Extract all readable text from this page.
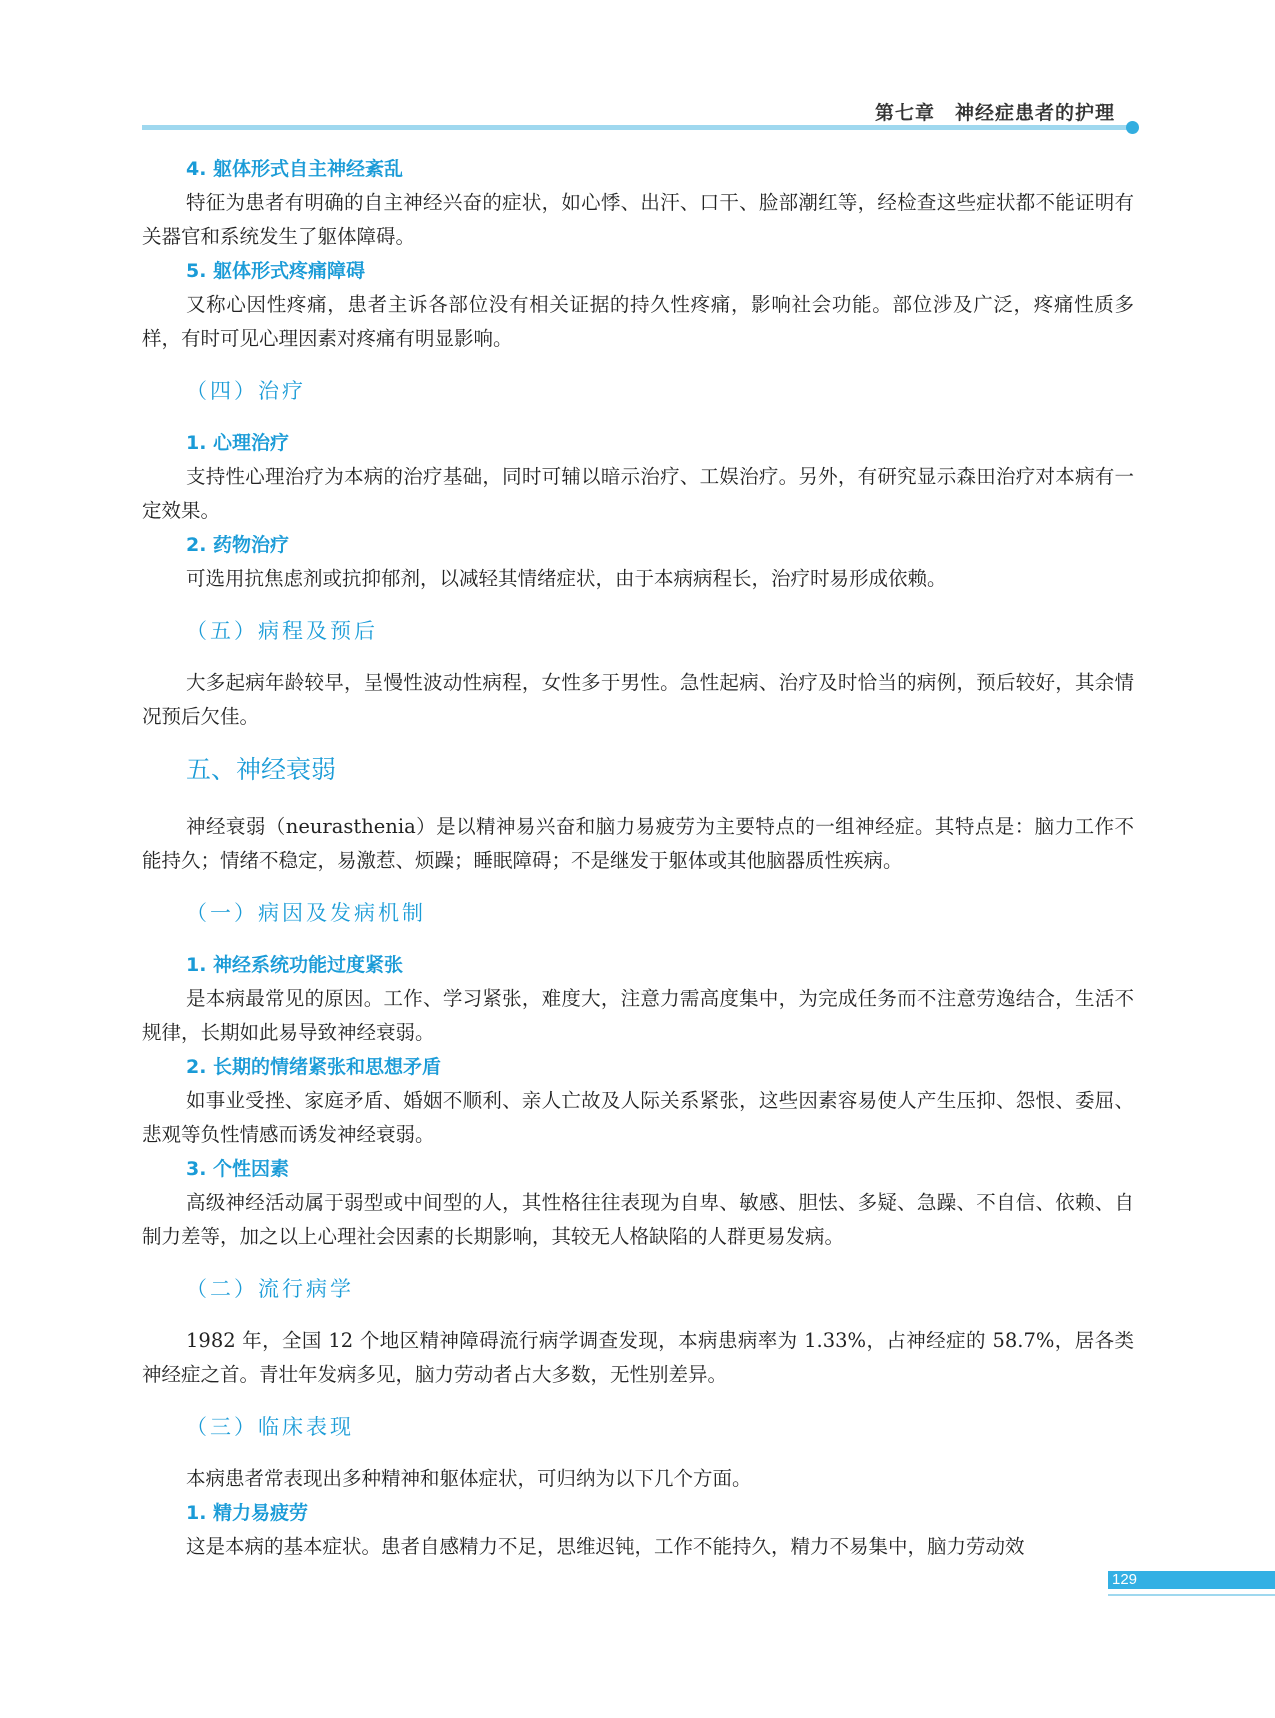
第七章　神经症患者的护理
4. 躯体形式自主神经紊乱

特征为患者有明确的自主神经兴奋的症状，如心悸、出汗、口干、脸部潮红等，经检查这些症状都不能证明有关器官和系统发生了躯体障碍。

5. 躯体形式疼痛障碍

又称心因性疼痛，患者主诉各部位没有相关证据的持久性疼痛，影响社会功能。部位涉及广泛，疼痛性质多样，有时可见心理因素对疼痛有明显影响。

（四）治疗
1. 心理治疗

支持性心理治疗为本病的治疗基础，同时可辅以暗示治疗、工娱治疗。另外，有研究显示森田治疗对本病有一定效果。

2. 药物治疗

可选用抗焦虑剂或抗抑郁剂，以减轻其情绪症状，由于本病病程长，治疗时易形成依赖。

（五）病程及预后

大多起病年龄较早，呈慢性波动性病程，女性多于男性。急性起病、治疗及时恰当的病例，预后较好，其余情况预后欠佳。

五、神经衰弱

神经衰弱（neurasthenia）是以精神易兴奋和脑力易疲劳为主要特点的一组神经症。其特点是：脑力工作不能持久；情绪不稳定，易激惹、烦躁；睡眠障碍；不是继发于躯体或其他脑器质性疾病。

（一）病因及发病机制
1. 神经系统功能过度紧张

是本病最常见的原因。工作、学习紧张，难度大，注意力需高度集中，为完成任务而不注意劳逸结合，生活不规律，长期如此易导致神经衰弱。

2. 长期的情绪紧张和思想矛盾

如事业受挫、家庭矛盾、婚姻不顺利、亲人亡故及人际关系紧张，这些因素容易使人产生压抑、怨恨、委屈、悲观等负性情感而诱发神经衰弱。

3. 个性因素

高级神经活动属于弱型或中间型的人，其性格往往表现为自卑、敏感、胆怯、多疑、急躁、不自信、依赖、自制力差等，加之以上心理社会因素的长期影响，其较无人格缺陷的人群更易发病。

（二）流行病学

1982 年，全国 12 个地区精神障碍流行病学调查发现，本病患病率为 1.33%，占神经症的 58.7%，居各类神经症之首。青壮年发病多见，脑力劳动者占大多数，无性别差异。

（三）临床表现

本病患者常表现出多种精神和躯体症状，可归纳为以下几个方面。

1. 精力易疲劳

这是本病的基本症状。患者自感精力不足，思维迟钝，工作不能持久，精力不易集中，脑力劳动效

129
